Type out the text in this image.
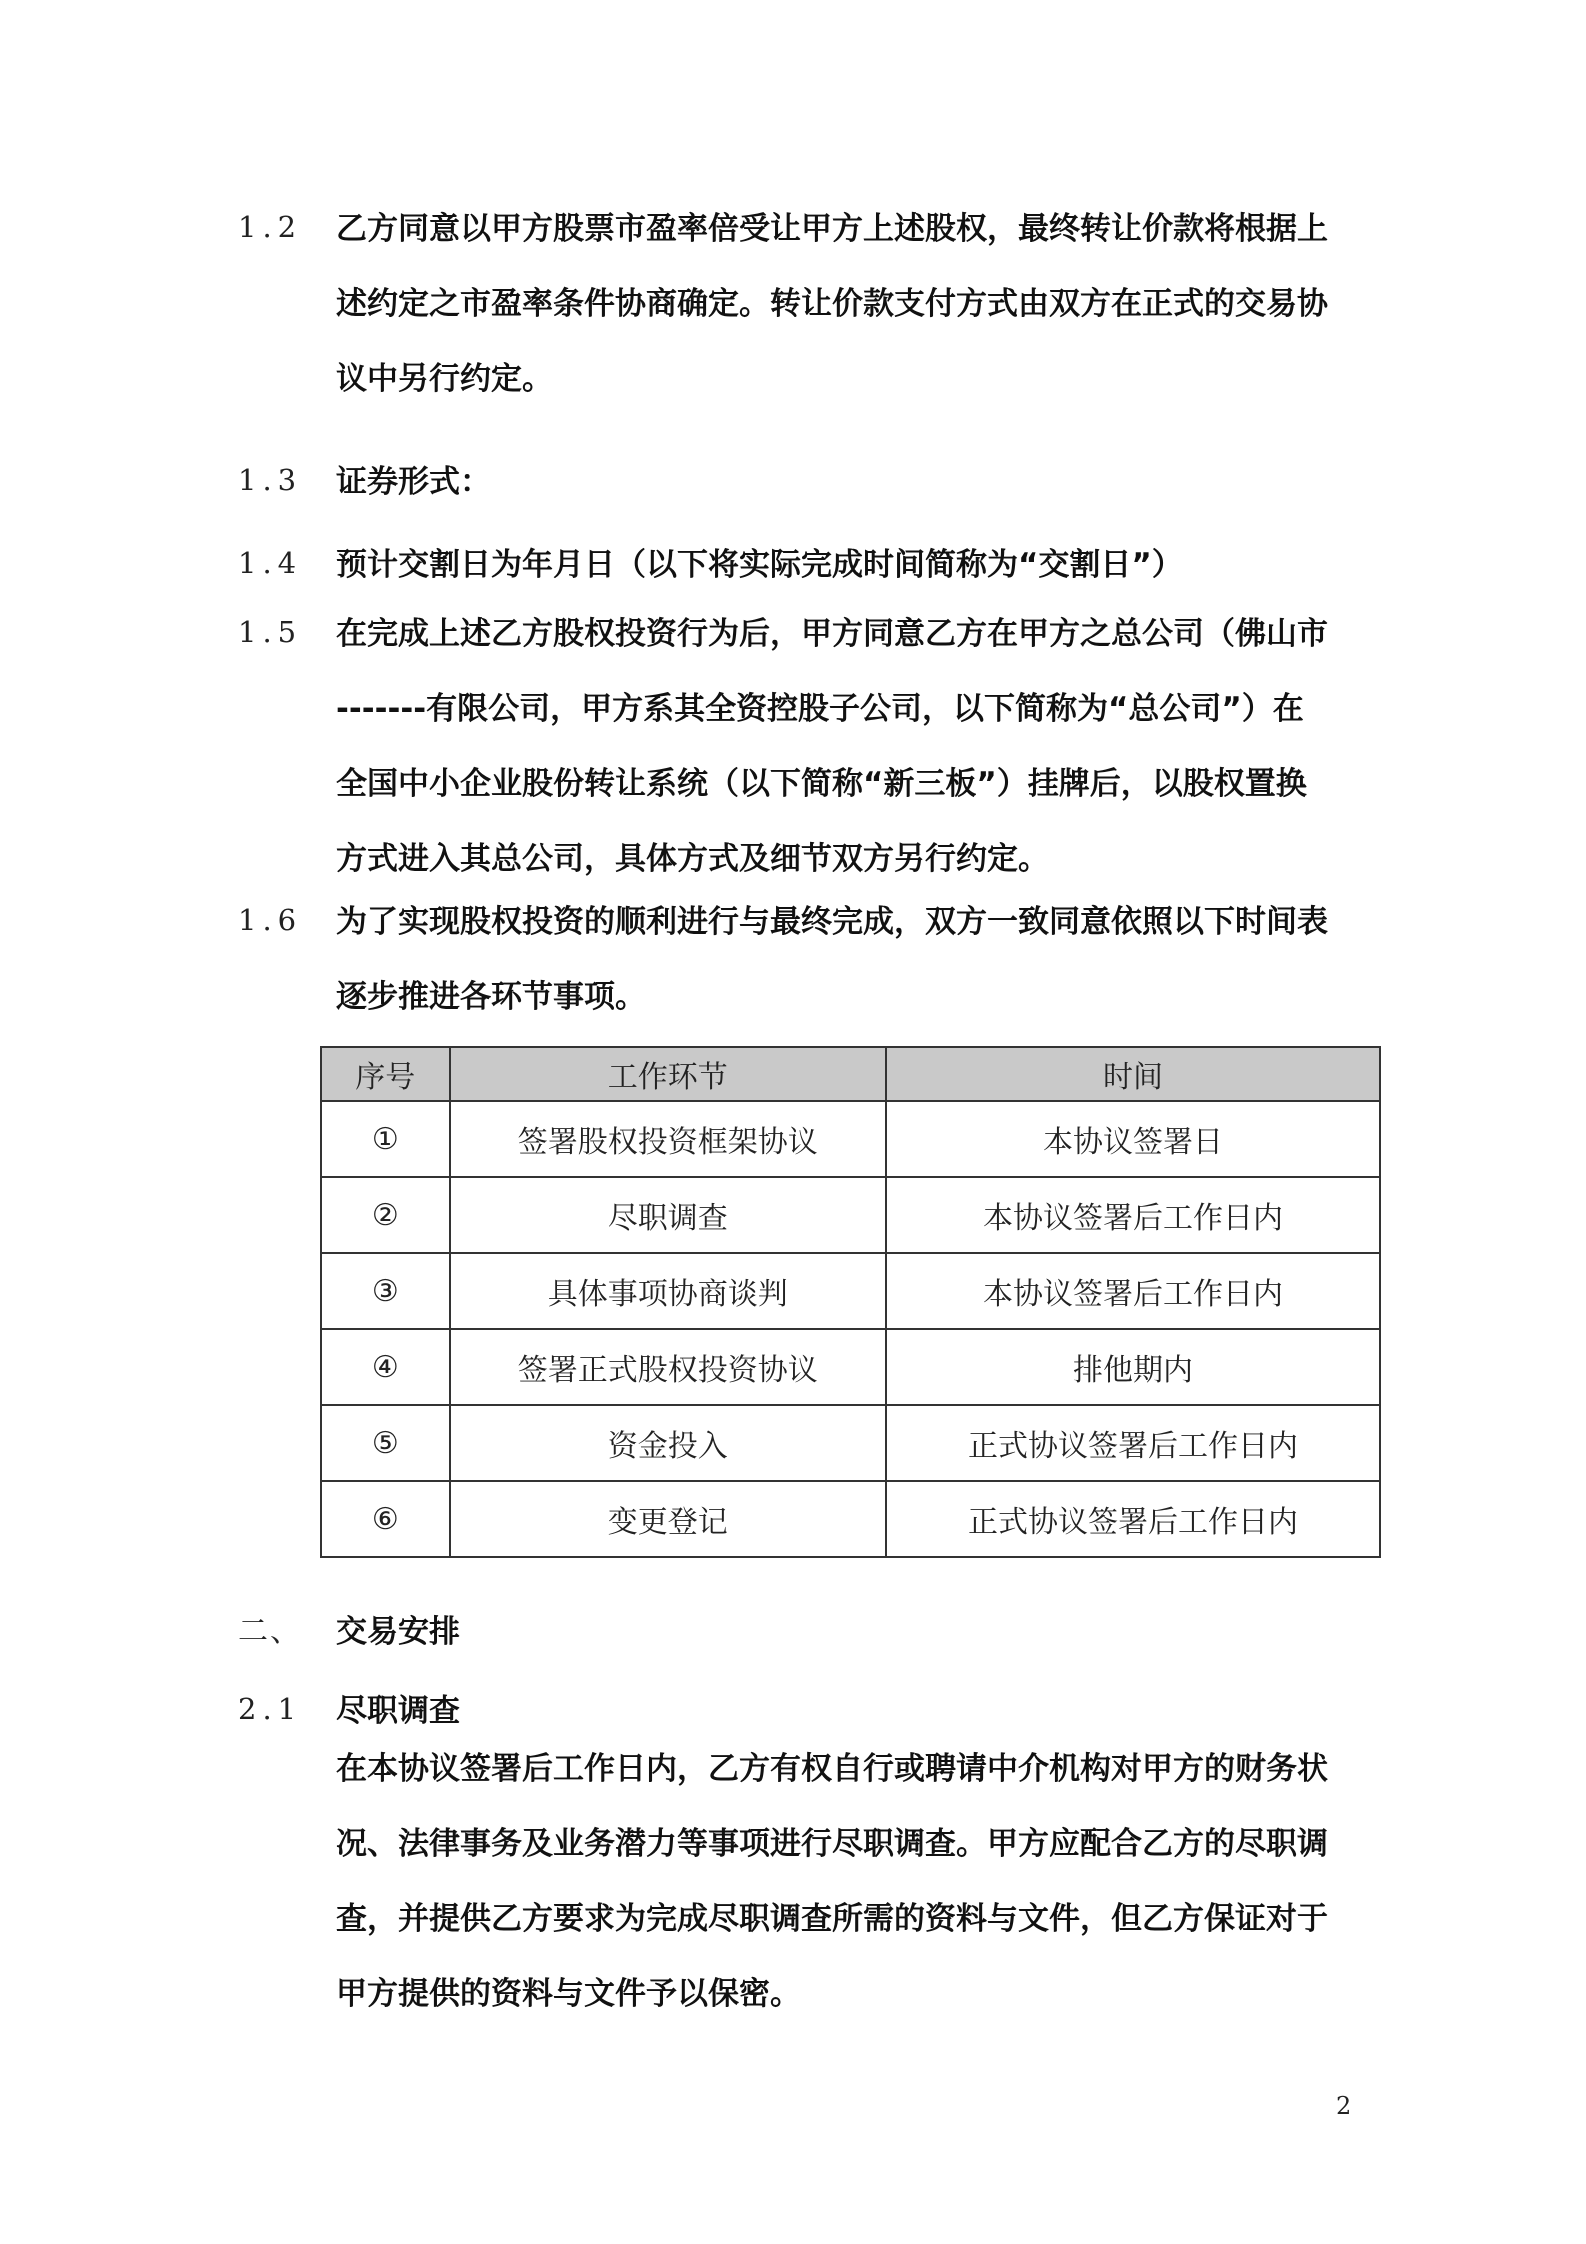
1.2	乙方同意以甲方股票市盈率倍受让甲方上述股权，最终转让价款将根据上
述约定之市盈率条件协商确定。转让价款支付方式由双方在正式的交易协
议中另行约定。
1.3	证券形式：
1.4	预计交割日为年月日（以下将实际完成时间简称为“交割日”）
1.5	在完成上述乙方股权投资行为后，甲方同意乙方在甲方之总公司（佛山市
-------有限公司，甲方系其全资控股子公司，以下简称为“总公司”）在
全国中小企业股份转让系统（以下简称“新三板”）挂牌后，以股权置换
方式进入其总公司，具体方式及细节双方另行约定。
1.6	为了实现股权投资的顺利进行与最终完成，双方一致同意依照以下时间表
逐步推进各环节事项。
序号	工作环节	时间
①	签署股权投资框架协议	本协议签署日
②	尽职调查	本协议签署后工作日内
③	具体事项协商谈判	本协议签署后工作日内
④	签署正式股权投资协议	排他期内
⑤	资金投入	正式协议签署后工作日内
⑥	变更登记	正式协议签署后工作日内
二、	交易安排
2.1	尽职调查
在本协议签署后工作日内，乙方有权自行或聘请中介机构对甲方的财务状
况、法律事务及业务潜力等事项进行尽职调查。甲方应配合乙方的尽职调
查，并提供乙方要求为完成尽职调查所需的资料与文件，但乙方保证对于
甲方提供的资料与文件予以保密。
2
